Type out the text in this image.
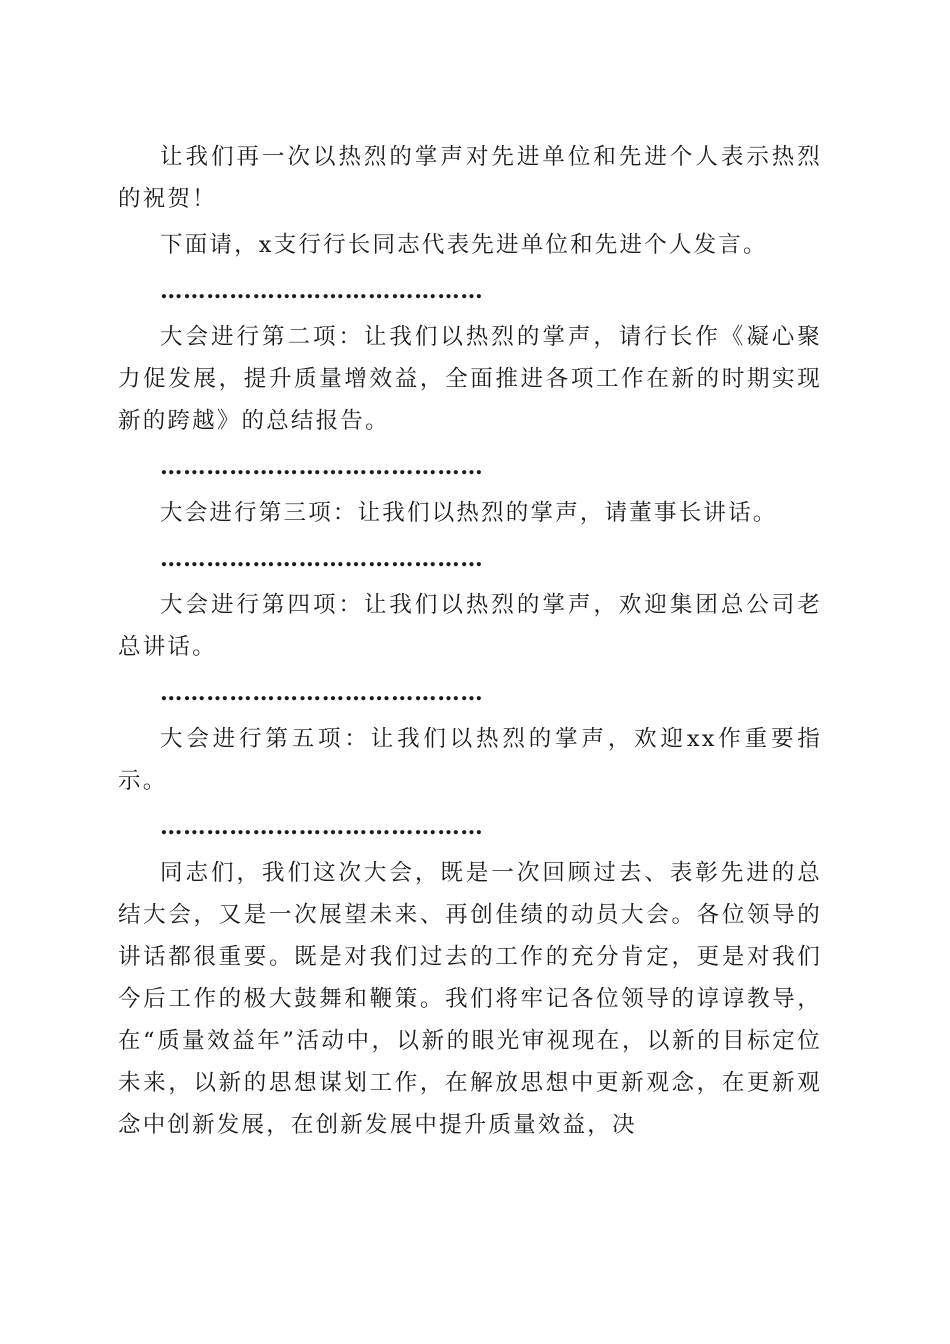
让我们再一次以热烈的掌声对先进单位和先进个人表示热烈的祝贺！

下面请，x支行行长同志代表先进单位和先进个人发言。

……………………………………

大会进行第二项：让我们以热烈的掌声，请行长作《凝心聚力促发展，提升质量增效益，全面推进各项工作在新的时期实现新的跨越》的总结报告。

……………………………………

大会进行第三项：让我们以热烈的掌声，请董事长讲话。

……………………………………

大会进行第四项：让我们以热烈的掌声，欢迎集团总公司老总讲话。

……………………………………

大会进行第五项：让我们以热烈的掌声，欢迎xx作重要指示。

……………………………………

同志们，我们这次大会，既是一次回顾过去、表彰先进的总结大会，又是一次展望未来、再创佳绩的动员大会。各位领导的讲话都很重要。既是对我们过去的工作的充分肯定，更是对我们今后工作的极大鼓舞和鞭策。我们将牢记各位领导的谆谆教导，在“质量效益年”活动中，以新的眼光审视现在，以新的目标定位未来，以新的思想谋划工作，在解放思想中更新观念，在更新观念中创新发展，在创新发展中提升质量效益，决
